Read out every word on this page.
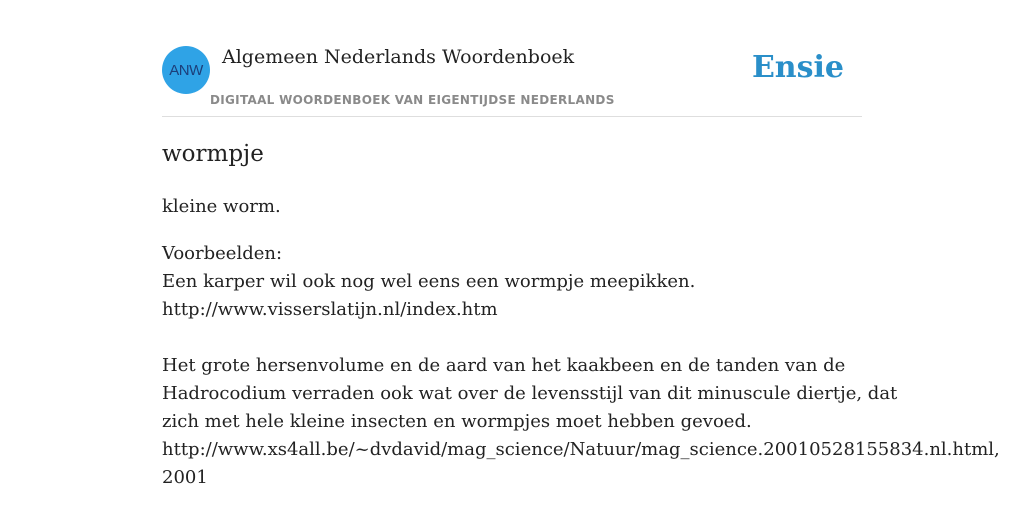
ANW
Algemeen Nederlands Woordenboek
DIGITAAL WOORDENBOEK VAN EIGENTIJDSE NEDERLANDS
Ensie
wormpje
kleine worm.
Voorbeelden:
Een karper wil ook nog wel eens een wormpje meepikken.
http://www.visserslatijn.nl/index.htm
Het grote hersenvolume en de aard van het kaakbeen en de tanden van de
Hadrocodium verraden ook wat over de levensstijl van dit minuscule diertje, dat
zich met hele kleine insecten en wormpjes moet hebben gevoed.
http://www.xs4all.be/~dvdavid/mag_science/Natuur/mag_science.20010528155834.nl.html,
2001
